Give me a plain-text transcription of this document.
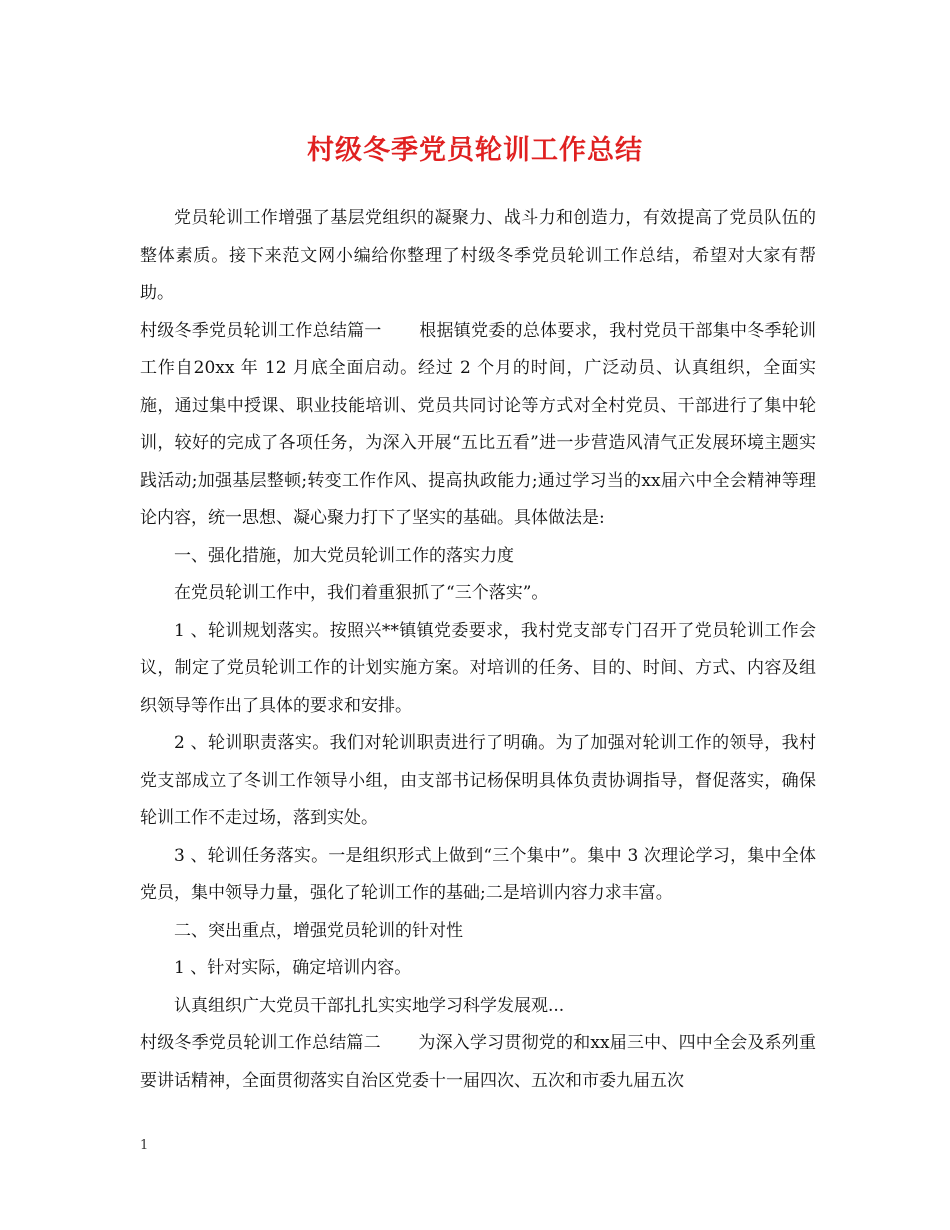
村级冬季党员轮训工作总结

党员轮训工作增强了基层党组织的凝聚力、战斗力和创造力，有效提高了党员队伍的整体素质。接下来范文网小编给你整理了村级冬季党员轮训工作总结，希望对大家有帮助。

村级冬季党员轮训工作总结篇一 根据镇党委的总体要求，我村党员干部集中冬季轮训工作自20xx 年 12 月底全面启动。经过 2 个月的时间，广泛动员、认真组织，全面实施，通过集中授课、职业技能培训、党员共同讨论等方式对全村党员、干部进行了集中轮训，较好的完成了各项任务，为深入开展“五比五看”进一步营造风清气正发展环境主题实践活动;加强基层整顿;转变工作作风、提高执政能力;通过学习当的xx届六中全会精神等理论内容，统一思想、凝心聚力打下了坚实的基础。具体做法是:

一、强化措施，加大党员轮训工作的落实力度

在党员轮训工作中，我们着重狠抓了“三个落实”。

1 、轮训规划落实。按照兴**镇镇党委要求，我村党支部专门召开了党员轮训工作会议，制定了党员轮训工作的计划实施方案。对培训的任务、目的、时间、方式、内容及组织领导等作出了具体的要求和安排。

2 、轮训职责落实。我们对轮训职责进行了明确。为了加强对轮训工作的领导，我村党支部成立了冬训工作领导小组，由支部书记杨保明具体负责协调指导，督促落实，确保轮训工作不走过场，落到实处。

3 、轮训任务落实。一是组织形式上做到“三个集中”。集中 3 次理论学习，集中全体党员，集中领导力量，强化了轮训工作的基础;二是培训内容力求丰富。

二、突出重点，增强党员轮训的针对性

1 、针对实际，确定培训内容。

认真组织广大党员干部扎扎实实地学习科学发展观...

村级冬季党员轮训工作总结篇二 为深入学习贯彻党的和xx届三中、四中全会及系列重要讲话精神，全面贯彻落实自治区党委十一届四次、五次和市委九届五次

1
